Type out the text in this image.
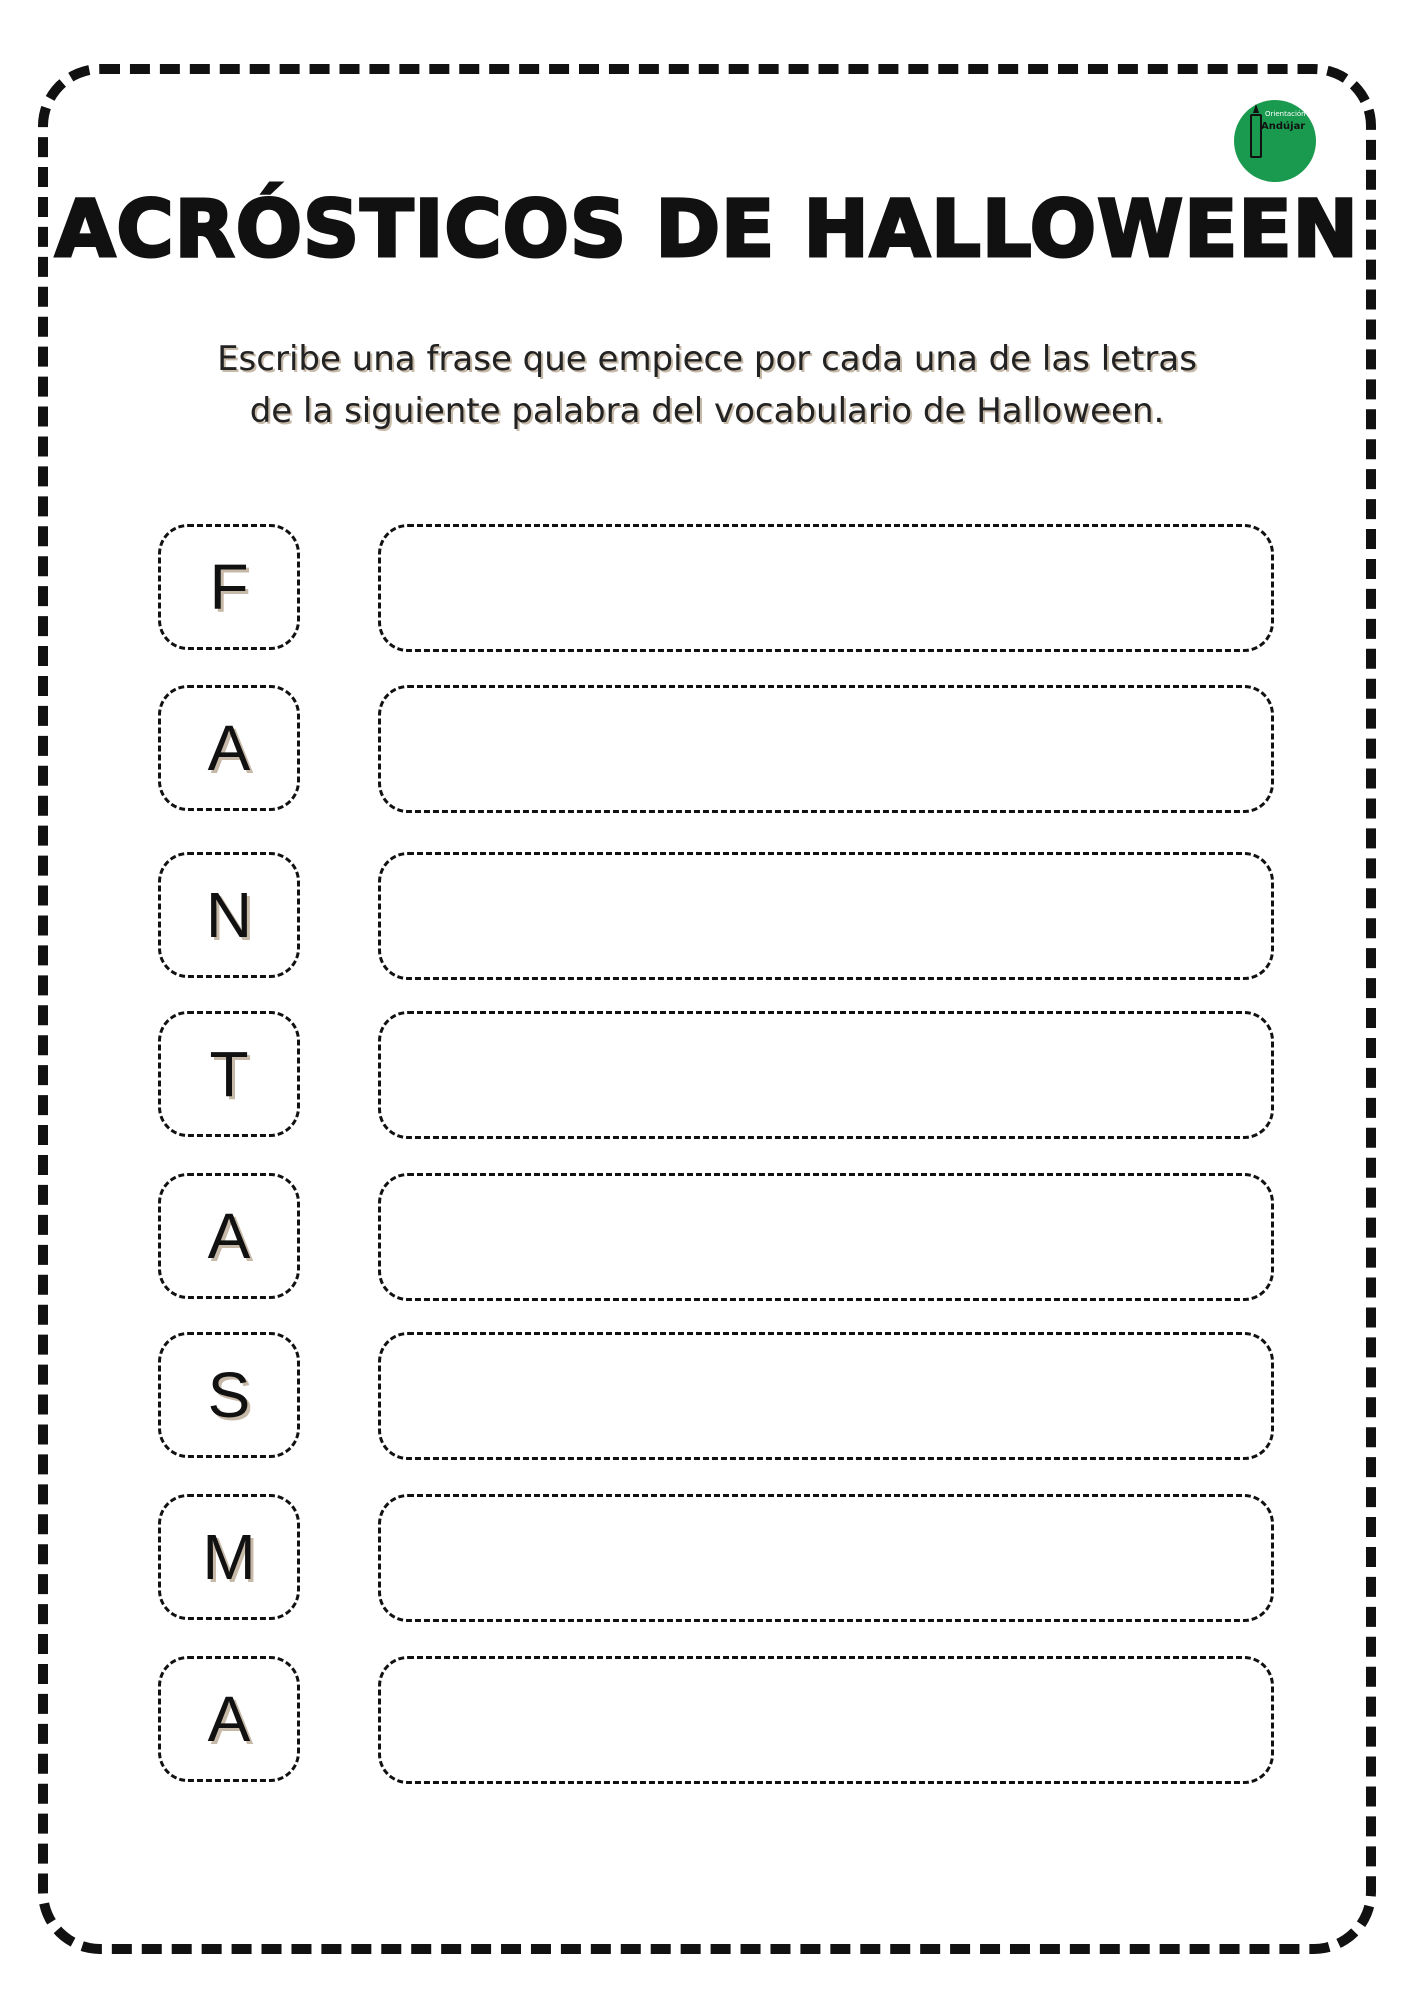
Orientación
Andújar
ACRÓSTICOS DE HALLOWEEN
Escribe una frase que empiece por cada una de las letras
de la siguiente palabra del vocabulario de Halloween.
F
A
N
T
A
S
M
A
